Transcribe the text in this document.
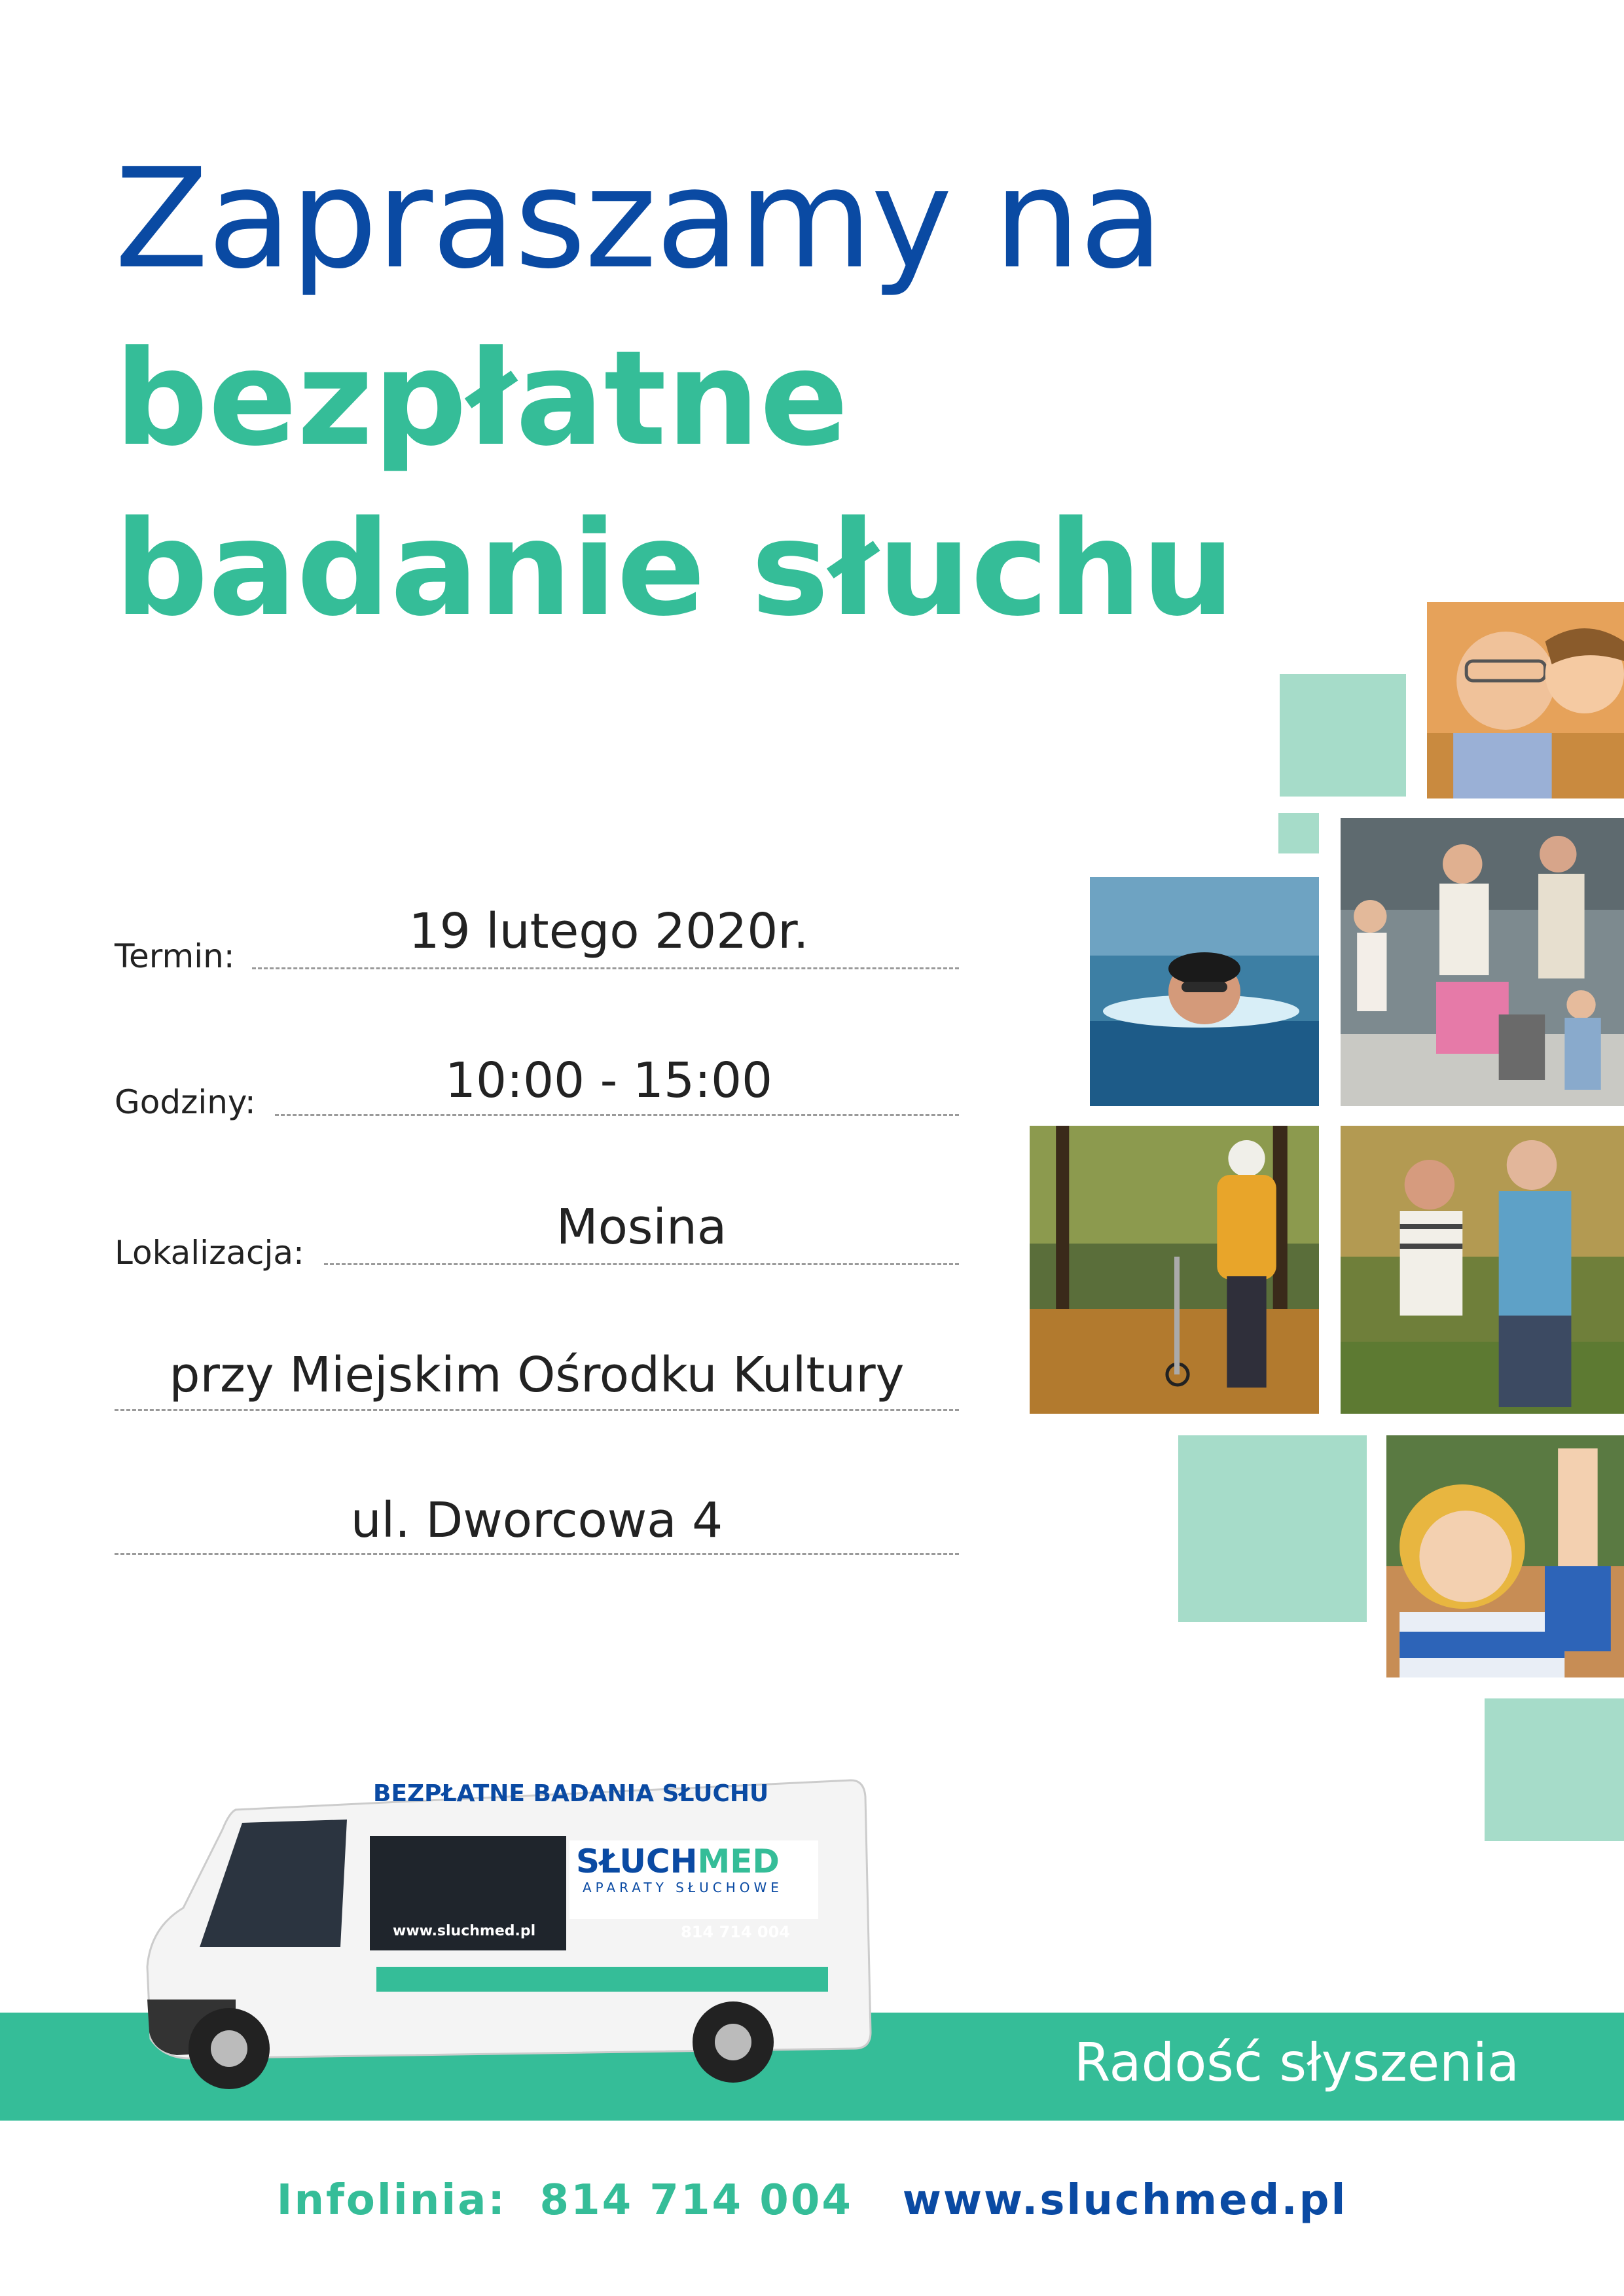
Zapraszamy na
bezpłatne
badanie słuchu
Termin:	19 lutego 2020r.
Godziny:	10:00 - 15:00
Lokalizacja:	Mosina
przy Miejskim Ośrodku Kultury
ul. Dworcowa 4
Radość słyszenia
BEZPŁATNE BADANIA SŁUCHU
SŁUCHMED
APARATY SŁUCHOWE
www.sluchmed.pl	814 714 004
Infolinia: 814 714 004 www.sluchmed.pl
